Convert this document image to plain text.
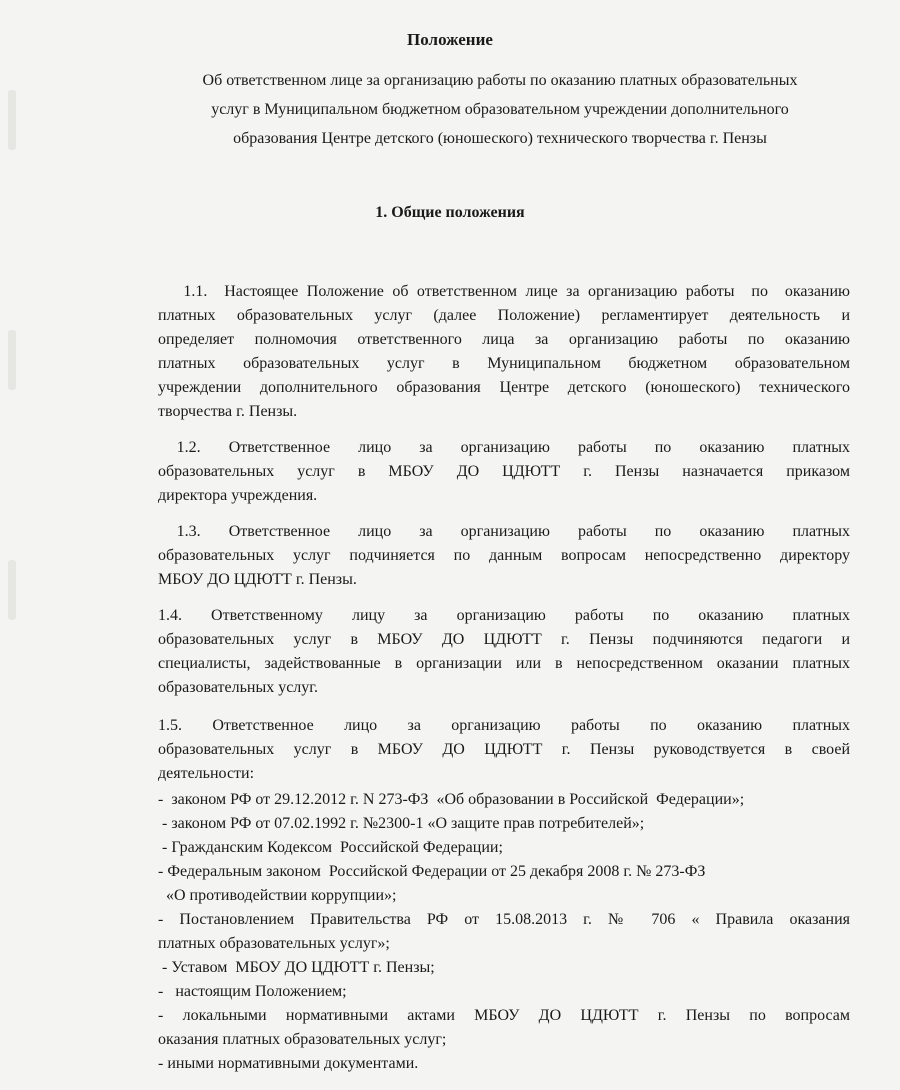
Положение
Об ответственном лице за организацию работы по оказанию платных образовательных
услуг в Муниципальном бюджетном образовательном учреждении дополнительного
образования Центре детского (юношеского) технического творчества г. Пензы
1. Общие положения
1.1.  Настоящее Положение об ответственном лице за организацию работы  по  оказанию
платных образовательных услуг (далее Положение) регламентирует деятельность и
определяет полномочия ответственного лица за организацию работы по оказанию
платных образовательных услуг в Муниципальном бюджетном образовательном
учреждении дополнительного образования Центре детского (юношеского) технического
творчества г. Пензы.
1.2.   Ответственное   лицо   за   организацию   работы   по   оказанию   платных
образовательных услуг в МБОУ ДО ЦДЮТТ г. Пензы назначается приказом
директора учреждения.
1.3.   Ответственное   лицо   за   организацию   работы   по   оказанию   платных
образовательных услуг подчиняется по данным вопросам непосредственно директору
МБОУ ДО ЦДЮТТ г. Пензы.
1.4. Ответственному лицу за организацию работы по оказанию платных
образовательных услуг в МБОУ ДО ЦДЮТТ г. Пензы подчиняются педагоги и
специалисты, задействованные в организации или в непосредственном оказании платных
образовательных услуг.
1.5. Ответственное лицо за организацию работы по оказанию платных
образовательных услуг в МБОУ ДО ЦДЮТТ г. Пензы руководствуется в своей
деятельности:
-  законом РФ от 29.12.2012 г. N 273-ФЗ  «Об образовании в Российской  Федерации»;
- законом РФ от 07.02.1992 г. №2300-1 «О защите прав потребителей»;
- Гражданским Кодексом  Российской Федерации;
- Федеральным законом  Российской Федерации от 25 декабря 2008 г. № 273-ФЗ
«О противодействии коррупции»;
- Постановлением Правительства РФ от 15.08.2013 г. № 706 « Правила оказания
платных образовательных услуг»;
- Уставом  МБОУ ДО ЦДЮТТ г. Пензы;
-   настоящим Положением;
- локальными нормативными актами МБОУ ДО ЦДЮТТ г. Пензы по вопросам
оказания платных образовательных услуг;
- иными нормативными документами.
